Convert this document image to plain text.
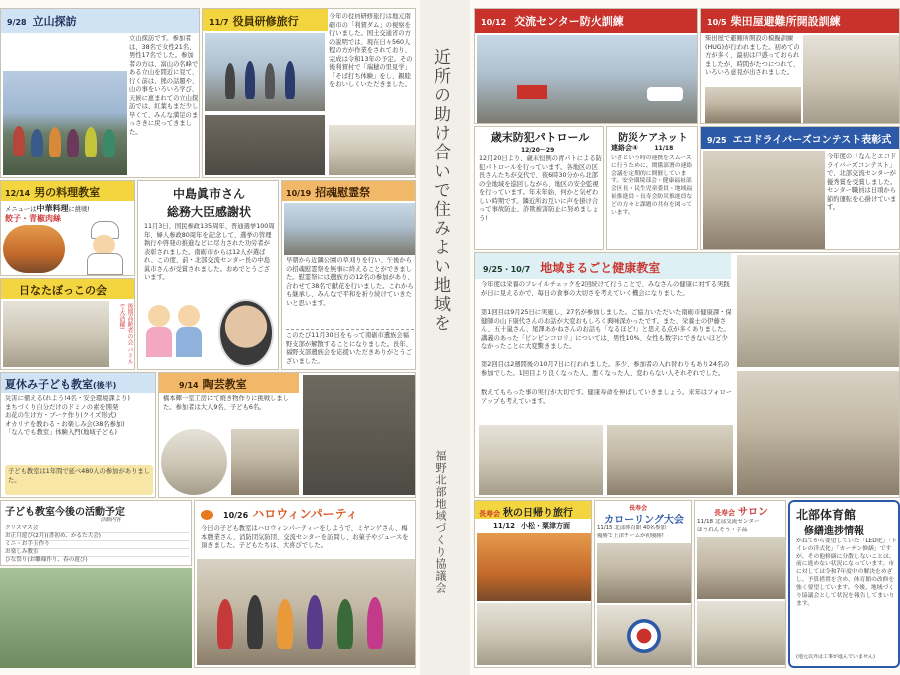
9/28 立山探訪
立山探訪です。参加者は、38名で女性21名、男性17名でした。参加者の方は、富山の名峰である立山を間近に見て、行く前は、熊の話題や、山の事をいろいろ学び、天候に恵まれての立山探訪では、紅葉もまだ少し早くて、みんな満足のまっさきに戻ってきました。
11/7 役員研修旅行	今年の役員研修旅行は地元南砺市の「利賀ダム」の視察を行いました。国土交通省の方の説明では、現在日々560人程の方が作業をされており、完成は令和13年の予定。その後利賀村で「瑞穂の里見学」「そば打ち体験」をし、親睦をおいしくいただきました。
12/14 男の料理教室
メニューは中華料理に挑戦!
餃子・青椒肉絲
中島眞市さん
総務大臣感謝状
11月3日、国民参政135周年、普通選挙100周年、婦人参政80周年を記念して、選挙の管理執行や啓発の推進などに尽力された功労者が表彰されました。南砺市からは12人が選ばれ、この度、前・北部交流センター長の中島眞市さんが受賞されました。おめでとうございます。
10/19 招魂慰霊祭
早朝から近隣公園の草刈りを行い、午後からの招魂慰霊祭を無事に終えることができました。慰霊祭には遺族方の12名の参加があり、合わせて38名で献花を行いました。これからも継承し、みんなで平和を祈り続けていきたいと思います。
このたび11月30日をもって南砺市遺族会福野支部が解散することになりました。長年、福野支部遺族会を応援いただきありがとうございました。
日なたぼっこの会
後期高齢者の会 パドルで大活躍!
夏休み子ども教室(後半)
災害に備える(れよう!4名・安全環境課より)
まちづくり自分だけのドミノの素を開発
お花の生け方・ブーケ作り(クイズ形式)
オカリナを教わる・お楽しみ会(38名参加)
「なんでも教室」体験入門(地域子ども)
子ども教室は1年間で延べ480人の参加がありました。
9/14 陶芸教室
橋本輝一室工房にて焼き物作りに挑戦しました。参加者は大人9名、子ども6名。
子ども教室今後の活動予定
活動内容
クリスマス会
お正月遊び(2月)(書初め、かるた大会)
ミニ・お手玉作り
お楽しみ教室
ひな祭り(お雛様作り、春の遊び)
10/26 ハロウィンパーティ
今日の子ども教室はハロウィンパーティーをしようで、ミヤンゲさん、梅本農業さん、消防団気防団、交流センターを訪問し、お菓子やジュースを頂きました。子どもたちは、大喜びでした。
近所の助け合いで住みよい地域を
福野北部地域づくり協議会
10/12 交流センター防火訓練	10/5 柴田屋避難所開設訓練
柴田屋で避難所開設の模擬訓練(HUG)が行われました。初めての方が多く、最初は戸惑っておられましたが、時間がたつにつれて、いろいろ意見が出されました。
歳末防犯パトロール
12/20〜29
12月20日より、歳末恒例の青パトによる防犯パトロールを行っています。各地区の区長さんたちが交代で、夜6時30分から北部の全地域を巡回しながら、地区の安全監視を行っています。年末年始、何かと気ぜわしい時期です。隣近所お互いに声を掛け合って事故防止、詐欺被害防止に努めましょう!
防災ケアネット
連絡会④	11/18
いざという時の連携をスムーズに行うために、関係部署の連絡会議を定期的に開催しています。安全環境部会・健康福祉部会区長・民生児童委員・地域福祉推進員・長寿会防災推進員などの方々と課題の共有を図っています。
9/25 エコドライバーズコンテスト表彰式
今年度の「なんとエコドライバーズコンテスト」で、北部交流センターが優秀賞を受賞しました。センター職員は日頃から節約運転を心掛けています。
9/25・10/7 地域まるごと健康教室
今年度は栄養のフレイルチェックを2回続けて行うことで、みなさんの健康に対する実践が日に見えるかで、毎日の食事の大切さを考えていく機会になりました。
第1回目は9月25日に実施し、27名が参加しました。ご協力いただいた南砺市健康課・保健師の山下康代さんのお話が大変おもしろく興味深かったです。また、栄養士の伊藤さん、五十嵐さん、尾澤あかねさんのお話も「なるほど!」と思える点が多くありました。講義のあった「ピンピンコロリ」については、男性10%、女性も数字にできないほど少なかったことに大変驚きました。
第2回目は2週間後の10月7日に行われました。多少、参加者の入れ替わりもあり24名の参加でした。1回目より良くなった人、悪くなった人、変わらない人それぞれでした。
数えてもらった事の実行が大切です。健康寿命を伸ばしていきましょう。来年はフォローアップも考えています。
長寿会 秋の日帰り旅行
11/12 小松・粟津方面
長寿会
カローリング大会
11/15 北部体育館 40名参加
優勝で上津チームが初優勝!
長寿会 サロン
11/18 北部交流センター
ほうれんそう・手品
北部体育館
修繕進捗情報
かねてから要望していた「LED化」「トイレの洋式化」「カーテン修繕」ですが、その他修繕に分散しないことは、前に進めない状況になっています。市に対しては令和7年度中の解決をめざし、予算措置を含め、体育館の改修を強く要望しています。今後、地域づくり協議会として状況を報告してまいります。
(地元以外は工事が進んでいません)
